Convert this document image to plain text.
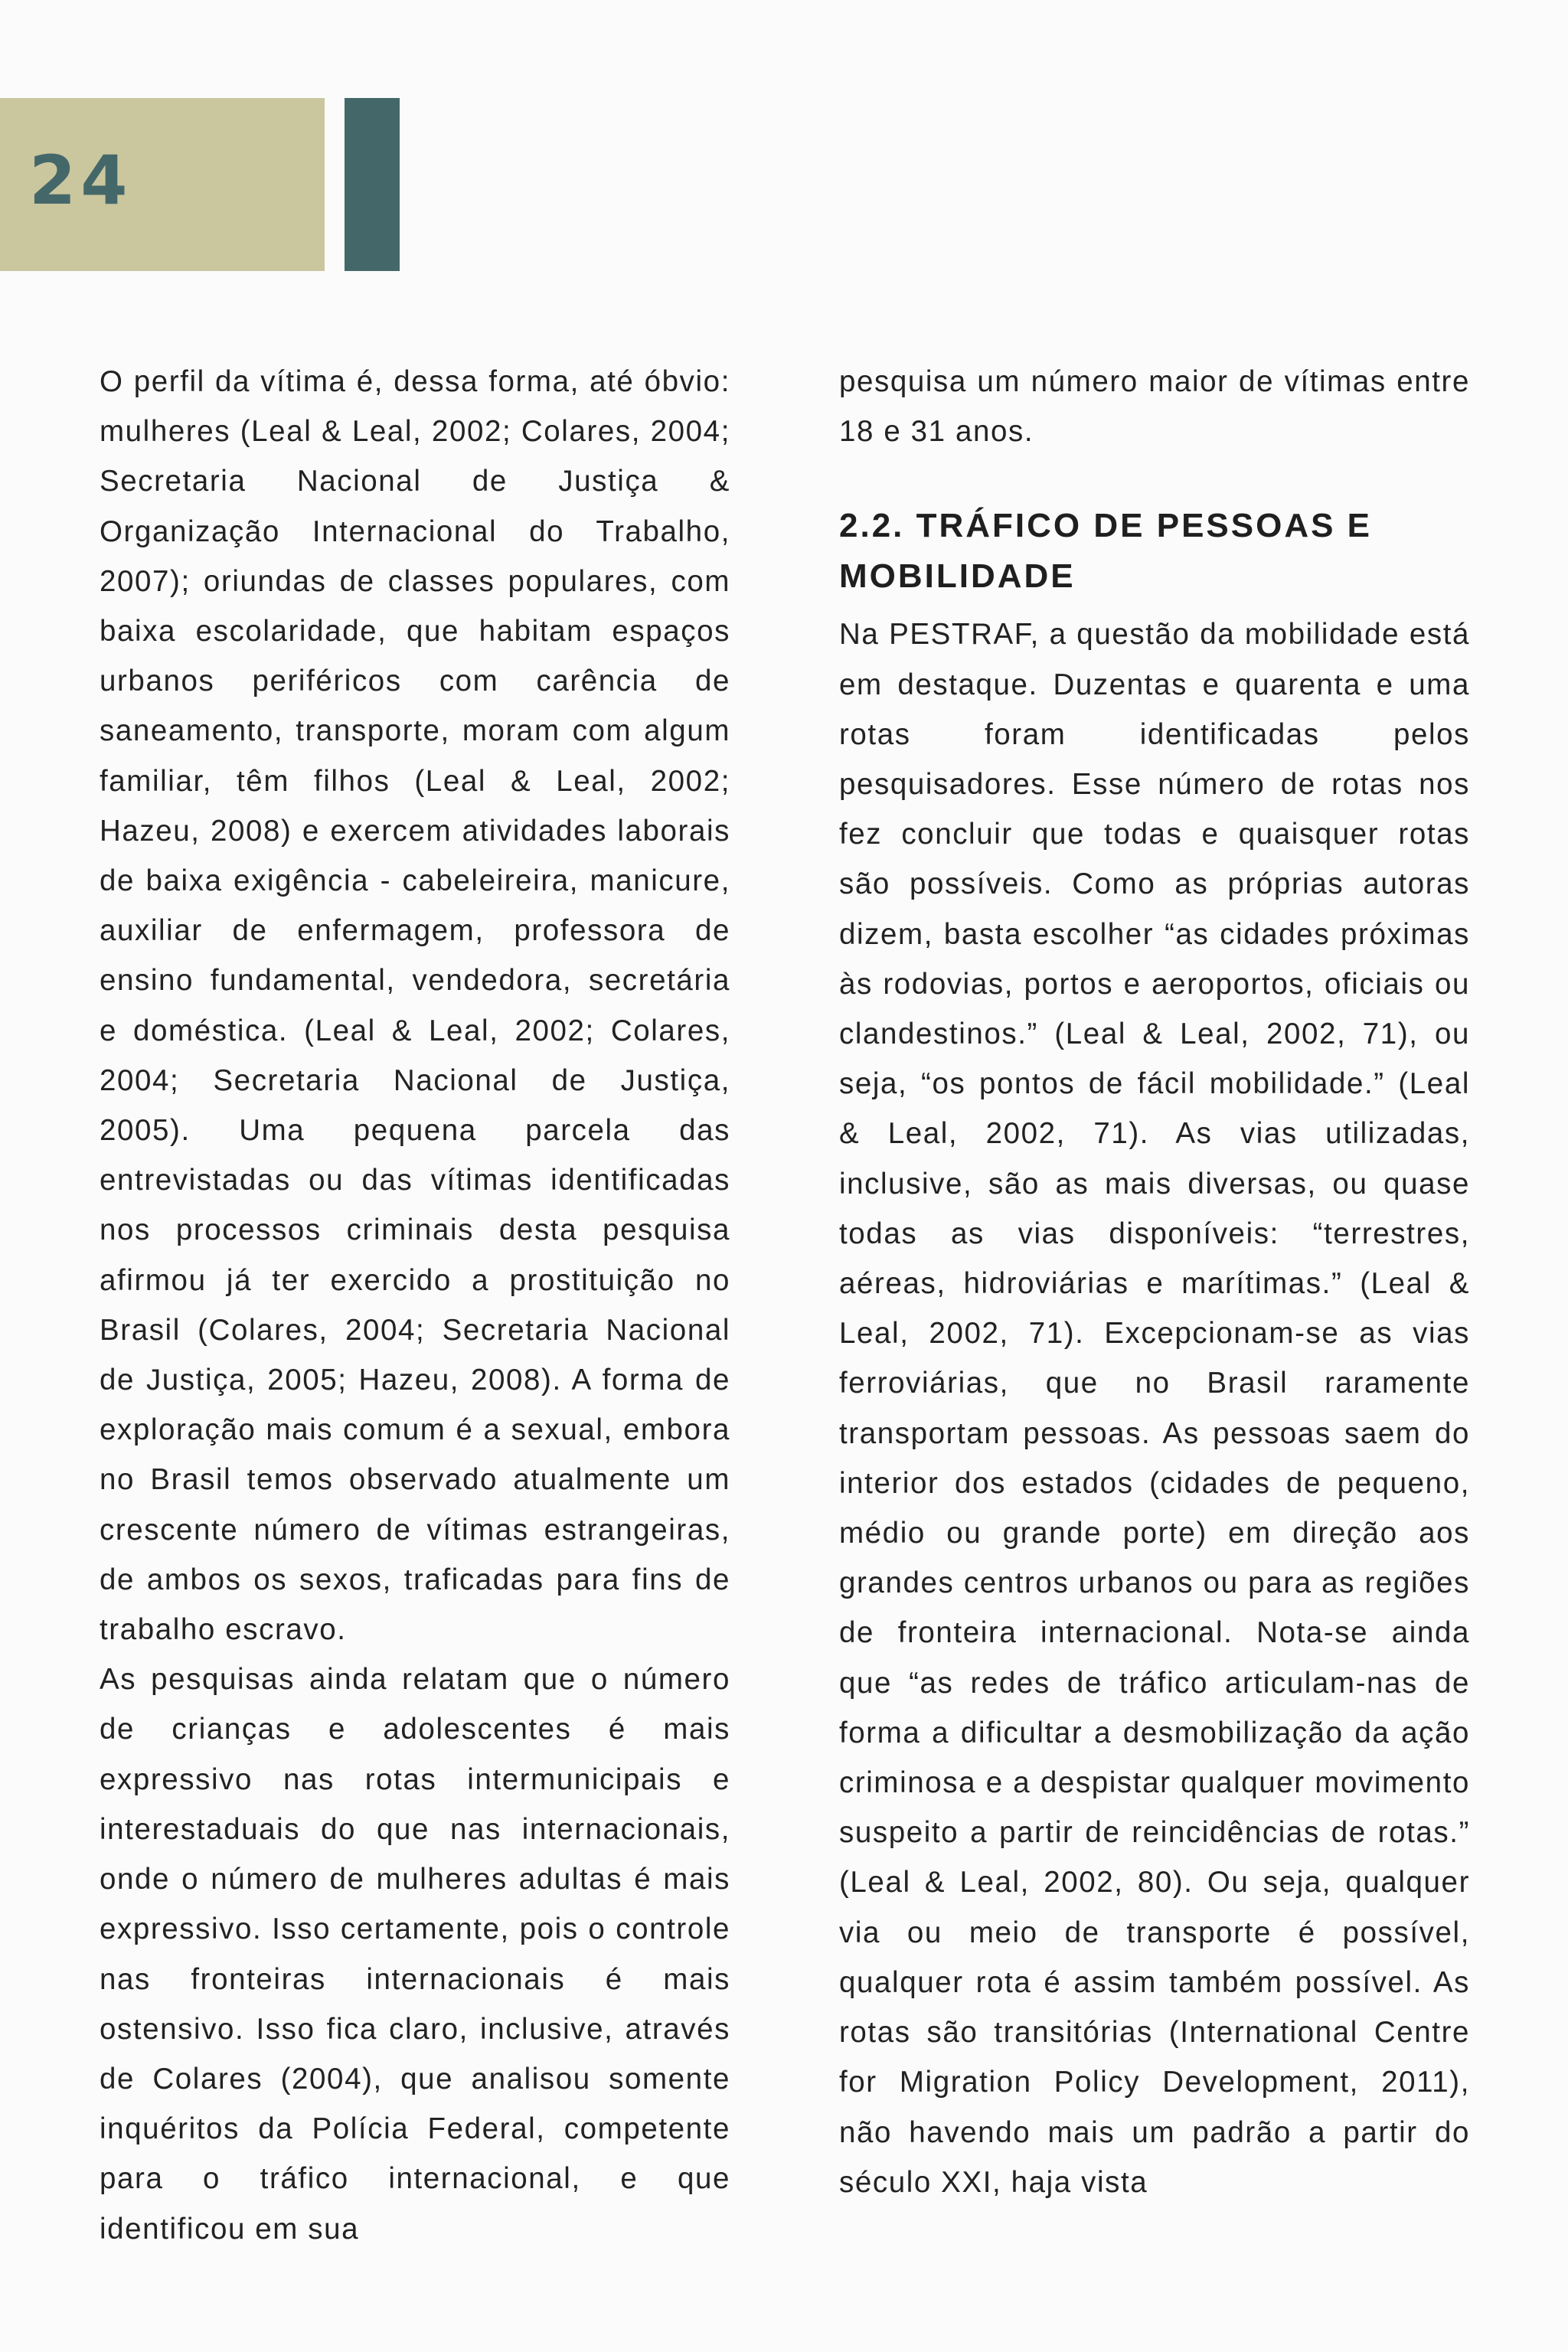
24

O perfil da vítima é, dessa forma, até óbvio: mulheres (Leal & Leal, 2002; Colares, 2004; Secretaria Nacional de Justiça & Organização Internacional do Trabalho, 2007); oriundas de classes populares, com baixa escolaridade, que habitam espaços urbanos periféricos com carência de saneamento, transporte, moram com algum familiar, têm filhos (Leal & Leal, 2002; Hazeu, 2008) e exercem atividades laborais de baixa exigência - cabeleireira, manicure, auxiliar de enfermagem, professora de ensino fundamental, vendedora, secretária e doméstica. (Leal & Leal, 2002; Colares, 2004; Secretaria Nacional de Justiça, 2005). Uma pequena parcela das entrevistadas ou das vítimas identificadas nos processos criminais desta pesquisa afirmou já ter exercido a prostituição no Brasil (Colares, 2004; Secretaria Nacional de Justiça, 2005; Hazeu, 2008). A forma de exploração mais comum é a sexual, embora no Brasil temos observado atualmente um crescente número de vítimas estrangeiras, de ambos os sexos, traficadas para fins de trabalho escravo.

As pesquisas ainda relatam que o número de crianças e adolescentes é mais expressivo nas rotas intermunicipais e interestaduais do que nas internacionais, onde o número de mulheres adultas é mais expressivo. Isso certamente, pois o controle nas fronteiras internacionais é mais ostensivo. Isso fica claro, inclusive, através de Colares (2004), que analisou somente inquéritos da Polícia Federal, competente para o tráfico internacional, e que identificou em sua

pesquisa um número maior de vítimas entre 18 e 31 anos.

2.2. TRÁFICO DE PESSOAS E MOBILIDADE

Na PESTRAF, a questão da mobilidade está em destaque. Duzentas e quarenta e uma rotas foram identificadas pelos pesquisadores. Esse número de rotas nos fez concluir que todas e quaisquer rotas são possíveis. Como as próprias autoras dizem, basta escolher “as cidades próximas às rodovias, portos e aeroportos, oficiais ou clandestinos.” (Leal & Leal, 2002, 71), ou seja, “os pontos de fácil mobilidade.” (Leal & Leal, 2002, 71). As vias utilizadas, inclusive, são as mais diversas, ou quase todas as vias disponíveis: “terrestres, aéreas, hidroviárias e marítimas.” (Leal & Leal, 2002, 71). Excepcionam-se as vias ferroviárias, que no Brasil raramente transportam pessoas. As pessoas saem do interior dos estados (cidades de pequeno, médio ou grande porte) em direção aos grandes centros urbanos ou para as regiões de fronteira internacional. Nota-se ainda que “as redes de tráfico articulam-nas de forma a dificultar a desmobilização da ação criminosa e a despistar qualquer movimento suspeito a partir de reincidências de rotas.” (Leal & Leal, 2002, 80). Ou seja, qualquer via ou meio de transporte é possível, qualquer rota é assim também possível. As rotas são transitórias (International Centre for Migration Policy Development, 2011), não havendo mais um padrão a partir do século XXI, haja vista
